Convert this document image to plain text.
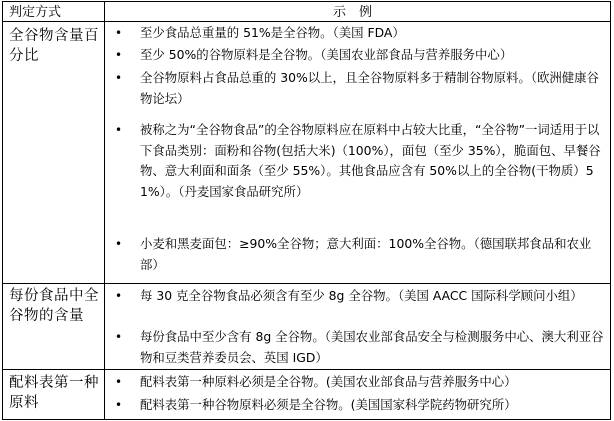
判定方式	示　例
全谷物含量百分比
• 至少食品总重量的 51%是全谷物。（美国 FDA）
• 至少 50%的谷物原料是全谷物。（美国农业部食品与营养服务中心）
• 全谷物原料占食品总重的 30%以上，且全谷物原料多于精制谷物原料。（欧洲健康谷物论坛）
• 被称之为“全谷物食品”的全谷物原料应在原料中占较大比重，“全谷物”一词适用于以下食品类别：面粉和谷物(包括大米)（100%），面包（至少 35%），脆面包、早餐谷物、意大利面和面条（至少 55%）。其他食品应含有 50%以上的全谷物(干物质）51%）。（丹麦国家食品研究所）
• 小麦和黑麦面包：≥90%全谷物；意大利面：100%全谷物。（德国联邦食品和农业部）
每份食品中全谷物的含量
• 每 30 克全谷物食品必须含有至少 8g 全谷物。（美国 AACC 国际科学顾问小组）
• 每份食品中至少含有 8g 全谷物。（美国农业部食品安全与检测服务中心、澳大利亚谷物和豆类营养委员会、英国 IGD）
配料表第一种原料
• 配料表第一种原料必须是全谷物。(美国农业部食品与营养服务中心）
• 配料表第一种谷物原料必须是全谷物。(美国国家科学院药物研究所）
